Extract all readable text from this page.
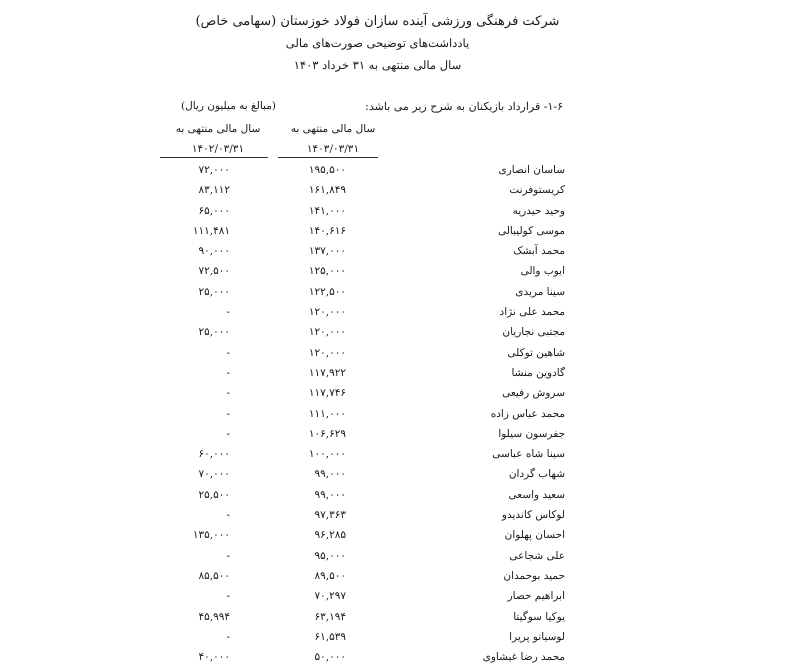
شرکت فرهنگی ورزشی آینده سازان فولاد خوزستان (سهامی خاص)
یادداشت‌های توضیحی صورت‌های مالی
سال مالی منتهی به ۳۱ خرداد ۱۴۰۳
۱-۶- قرارداد بازیکنان به شرح زیر می باشد:
(مبالغ به میلیون ریال)
سال مالی منتهی به
۱۴۰۳/۰۳/۳۱
سال مالی منتهی به
۱۴۰۲/۰۳/۳۱
ساسان انصاری
۱۹۵,۵۰۰
۷۲,۰۰۰
کریستوفرنت
۱۶۱,۸۴۹
۸۳,۱۱۲
وحید حیدریه
۱۴۱,۰۰۰
۶۵,۰۰۰
موسی کولیبالی
۱۴۰,۶۱۶
۱۱۱,۴۸۱
محمد آبشک
۱۳۷,۰۰۰
۹۰,۰۰۰
ایوب والی
۱۲۵,۰۰۰
۷۲,۵۰۰
سینا مریدی
۱۲۲,۵۰۰
۲۵,۰۰۰
محمد علی نژاد
۱۲۰,۰۰۰
-
مجتبی نجاریان
۱۲۰,۰۰۰
۲۵,۰۰۰
شاهین توکلی
۱۲۰,۰۰۰
-
گادوین منشا
۱۱۷,۹۲۲
-
سروش رفیعی
۱۱۷,۷۴۶
-
محمد عباس زاده
۱۱۱,۰۰۰
-
جفرسون سیلوا
۱۰۶,۶۲۹
-
سینا شاه عباسی
۱۰۰,۰۰۰
۶۰,۰۰۰
شهاب گردان
۹۹,۰۰۰
۷۰,۰۰۰
سعید واسعی
۹۹,۰۰۰
۲۵,۵۰۰
لوکاس کاندیدو
۹۷,۳۶۳
-
احسان پهلوان
۹۶,۲۸۵
۱۳۵,۰۰۰
علی شجاعی
۹۵,۰۰۰
-
حمید بوحمدان
۸۹,۵۰۰
۸۵,۵۰۰
ابراهیم حصار
۷۰,۲۹۷
-
یوکیا سوگیتا
۶۳,۱۹۴
۴۵,۹۹۴
لوسیانو پریرا
۶۱,۵۳۹
-
محمد رضا غیشاوی
۵۰,۰۰۰
۴۰,۰۰۰
